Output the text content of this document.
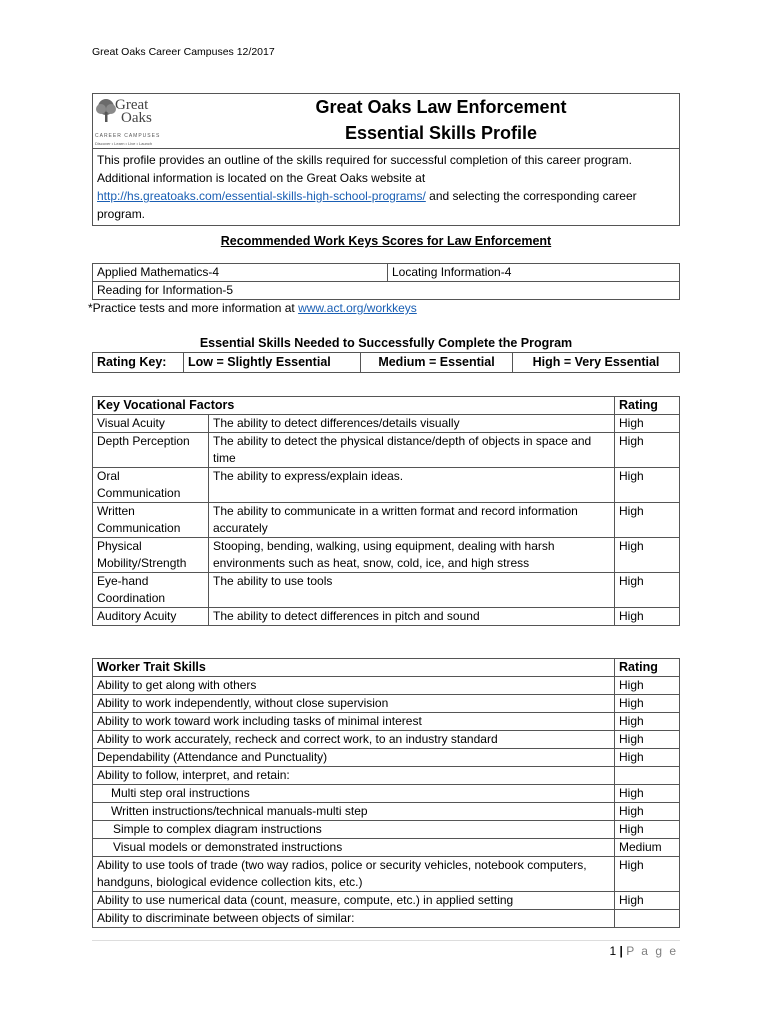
Great Oaks Career Campuses 12/2017
Great
Oaks
CAREER CAMPUSES
Discover • Learn • Live • Launch

Great Oaks Law Enforcement
Essential Skills Profile

This profile provides an outline of the skills required for successful completion of this career program. Additional information is located on the Great Oaks website at
http://hs.greatoaks.com/essential-skills-high-school-programs/ and selecting the corresponding career program.
Recommended Work Keys Scores for Law Enforcement
Applied Mathematics-4	Locating Information-4
Reading for Information-5
*Practice tests and more information at www.act.org/workkeys
Essential Skills Needed to Successfully Complete the Program
Rating Key:	Low = Slightly Essential	Medium = Essential	High = Very Essential
Key Vocational Factors		Rating
Visual Acuity	The ability to detect differences/details visually	High
Depth Perception	The ability to detect the physical distance/depth of objects in space and time	High
Oral Communication	The ability to express/explain ideas.	High
Written Communication	The ability to communicate in a written format and record information accurately	High
Physical Mobility/Strength	Stooping, bending, walking, using equipment, dealing with harsh environments such as heat, snow, cold, ice, and high stress	High
Eye-hand Coordination	The ability to use tools	High
Auditory Acuity	The ability to detect differences in pitch and sound	High
Worker Trait Skills	Rating
Ability to get along with others	High
Ability to work independently, without close supervision	High
Ability to work toward work including tasks of minimal interest	High
Ability to work accurately, recheck and correct work, to an industry standard	High
Dependability (Attendance and Punctuality)	High
Ability to follow, interpret, and retain:	
Multi step oral instructions	High
Written instructions/technical manuals-multi step	High
Simple to complex diagram instructions	High
Visual models or demonstrated instructions	Medium
Ability to use tools of trade (two way radios, police or security vehicles, notebook computers, handguns, biological evidence collection kits, etc.)	High
Ability to use numerical data (count, measure, compute, etc.) in applied setting	High
Ability to discriminate between objects of similar:	
1 | P a g e
